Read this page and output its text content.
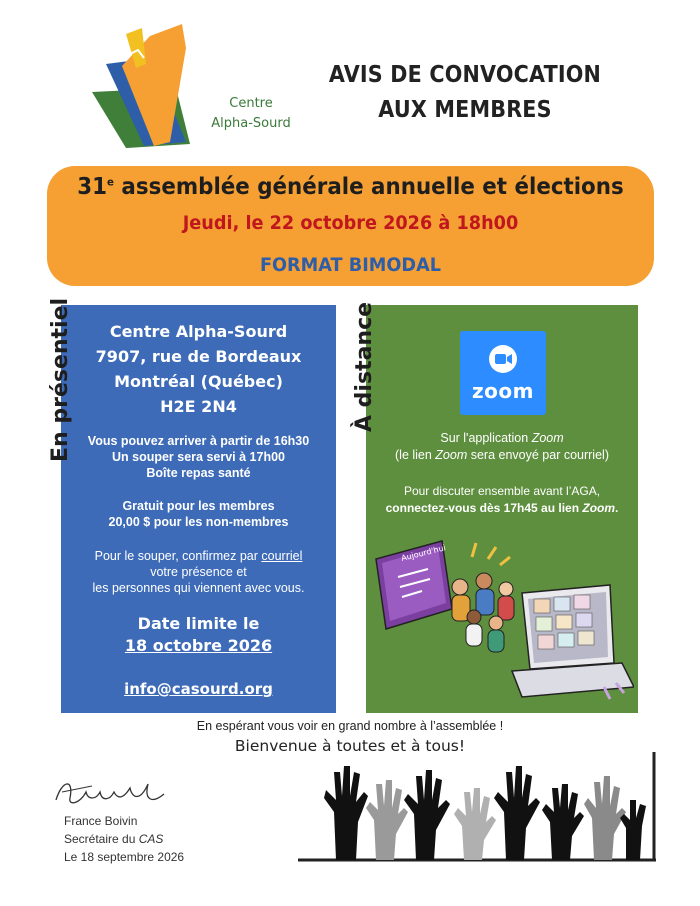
Centre
Alpha-Sourd
AVIS DE CONVOCATION
AUX MEMBRES
31e assemblée générale annuelle et élections
Jeudi, le 22 octobre 2026 à 18h00
FORMAT BIMODAL
Centre Alpha-Sourd
7907, rue de Bordeaux
Montréal (Québec)
H2E 2N4
Vous pouvez arriver à partir de 16h30
Un souper sera servi à 17h00
Boîte repas santé
Gratuit pour les membres
20,00 $ pour les non-membres
Pour le souper, confirmez par courriel
votre présence et
les personnes qui viennent avec vous.
Date limite le
18 octobre 2026
info@casourd.org
En présentiel	zoom
Sur l'application Zoom
(le lien Zoom sera envoyé par courriel)
Pour discuter ensemble avant l’AGA,
connectez-vous dès 17h45 au lien Zoom.
Aujourd'hui
À distance
En espérant vous voir en grand nombre à l’assemblée !
Bienvenue à toutes et à tous!
France Boivin
Secrétaire du CAS
Le 18 septembre 2026
